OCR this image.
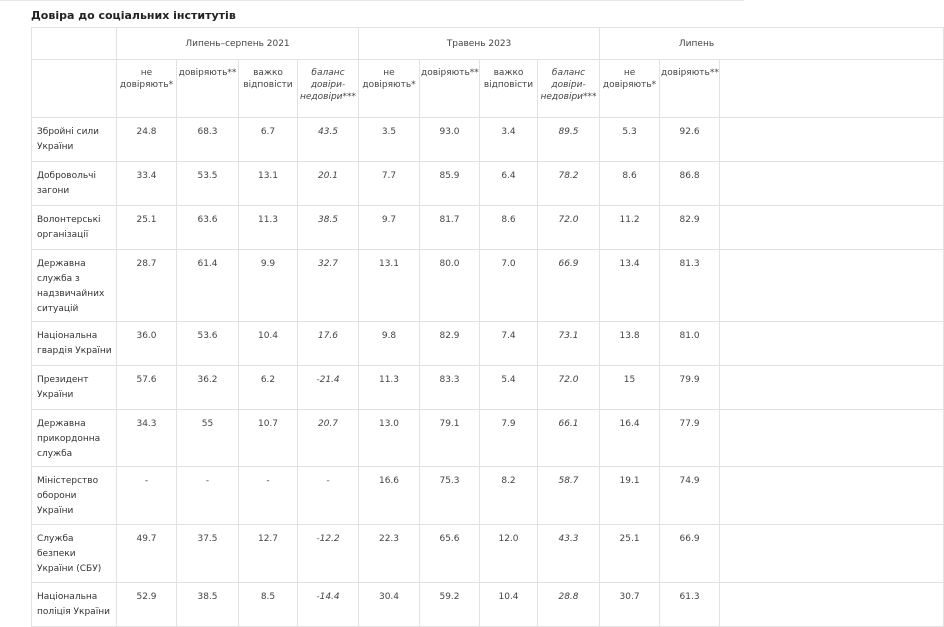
Довіра до соціальних інститутів
	Липень–серпень 2021				Травень 2023				Липень		
	не довіряють*	довіряють**	важко відповісти	баланс довіри-недовіри***	не довіряють*	довіряють**	важко відповісти	баланс довіри-недовіри***	не довіряють*	довіряють**	
Збройні сили України	24.8	68.3	6.7	43.5	3.5	93.0	3.4	89.5	5.3	92.6	
Добровольчі загони	33.4	53.5	13.1	20.1	7.7	85.9	6.4	78.2	8.6	86.8	
Волонтерські організації	25.1	63.6	11.3	38.5	9.7	81.7	8.6	72.0	11.2	82.9	
Державна служба з надзвичайних ситуацій	28.7	61.4	9.9	32.7	13.1	80.0	7.0	66.9	13.4	81.3	
Національна гвардія України	36.0	53.6	10.4	17.6	9.8	82.9	7.4	73.1	13.8	81.0	
Президент України	57.6	36.2	6.2	-21.4	11.3	83.3	5.4	72.0	15	79.9	
Державна прикордонна служба	34.3	55	10.7	20.7	13.0	79.1	7.9	66.1	16.4	77.9	
Міністерство оборони України	-	-	-	-	16.6	75.3	8.2	58.7	19.1	74.9	
Служба безпеки України (СБУ)	49.7	37.5	12.7	-12.2	22.3	65.6	12.0	43.3	25.1	66.9	
Національна поліція України	52.9	38.5	8.5	-14.4	30.4	59.2	10.4	28.8	30.7	61.3	
